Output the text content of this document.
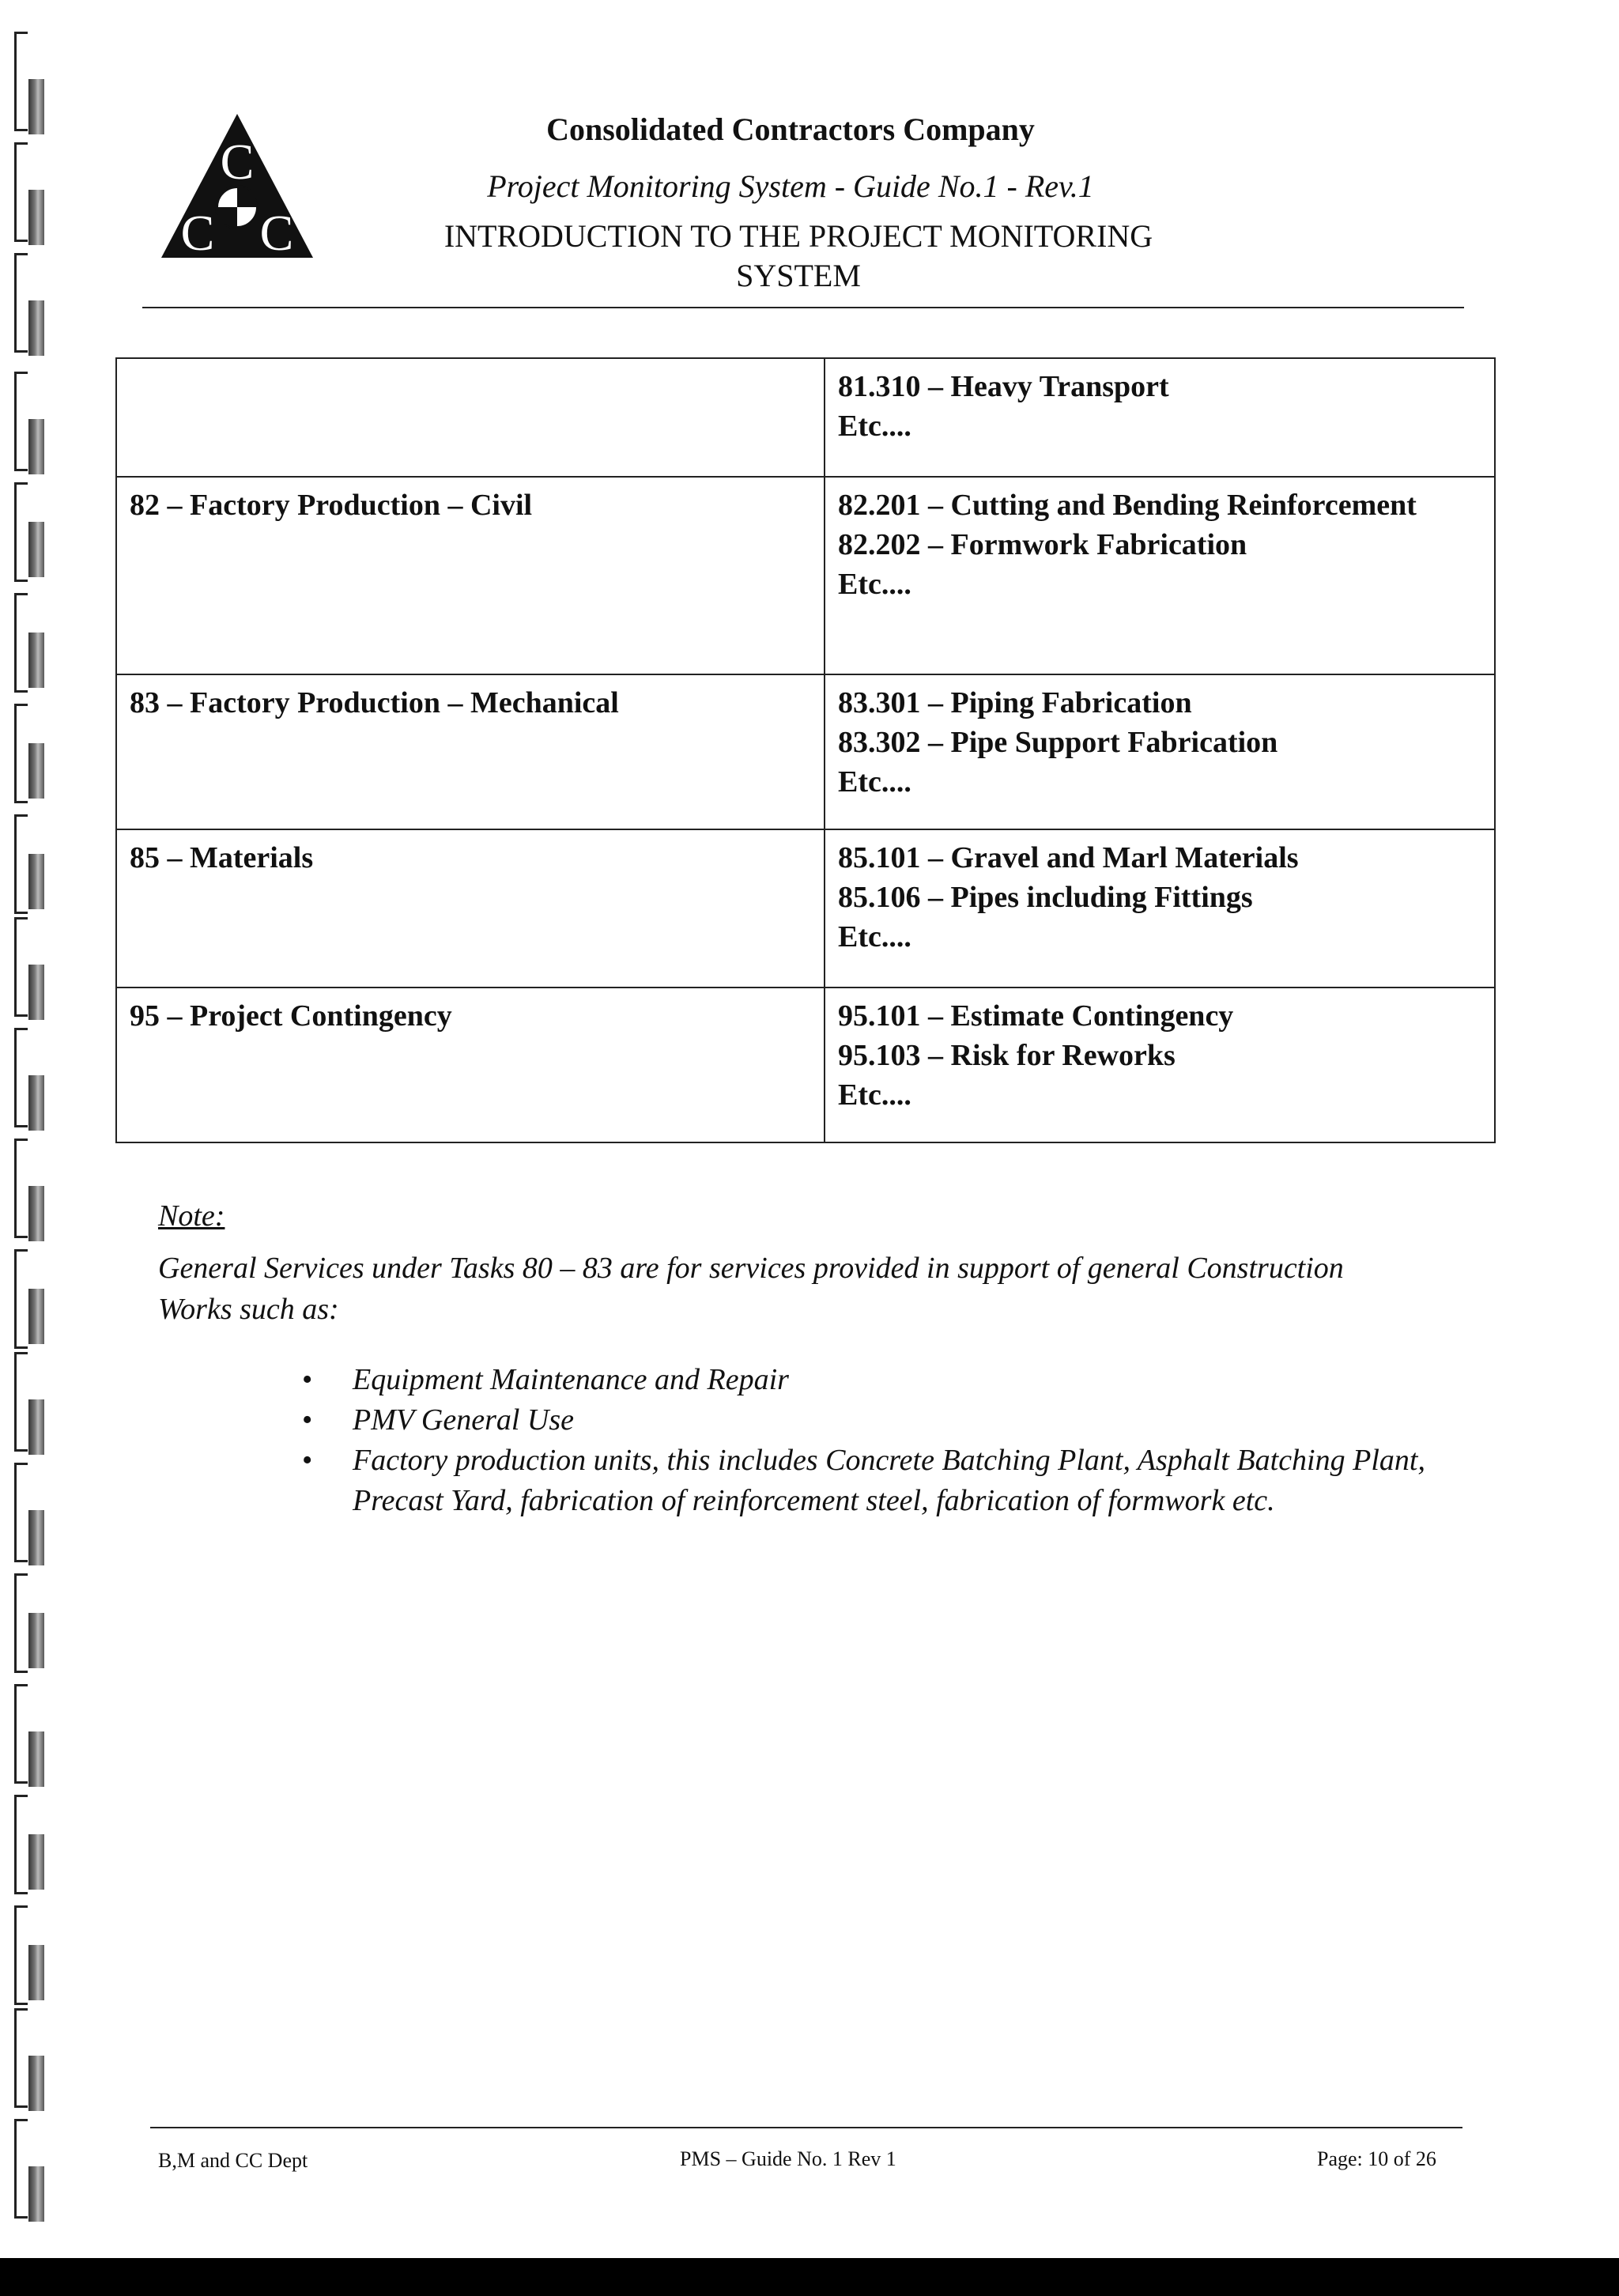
C
C C
Consolidated Contractors Company
Project Monitoring System - Guide No.1 - Rev.1
INTRODUCTION TO THE PROJECT MONITORING
SYSTEM

	81.310 – Heavy Transport
Etc....

82 – Factory Production – Civil	82.201 – Cutting and Bending Reinforcement
82.202 – Formwork Fabrication
Etc....

83 – Factory Production – Mechanical	83.301 – Piping Fabrication
83.302 – Pipe Support Fabrication
Etc....

85 – Materials	85.101 – Gravel and Marl Materials
85.106 – Pipes including Fittings
Etc....

95 – Project Contingency	95.101 – Estimate Contingency
95.103 – Risk for Reworks
Etc....
Note:
General Services under Tasks 80 – 83 are for services provided in support of general Construction Works such as:
• Equipment Maintenance and Repair
• PMV General Use
• Factory production units, this includes Concrete Batching Plant, Asphalt Batching Plant, Precast Yard, fabrication of reinforcement steel, fabrication of formwork etc.
B,M and CC Dept	PMS – Guide No. 1 Rev 1	Page: 10 of 26
